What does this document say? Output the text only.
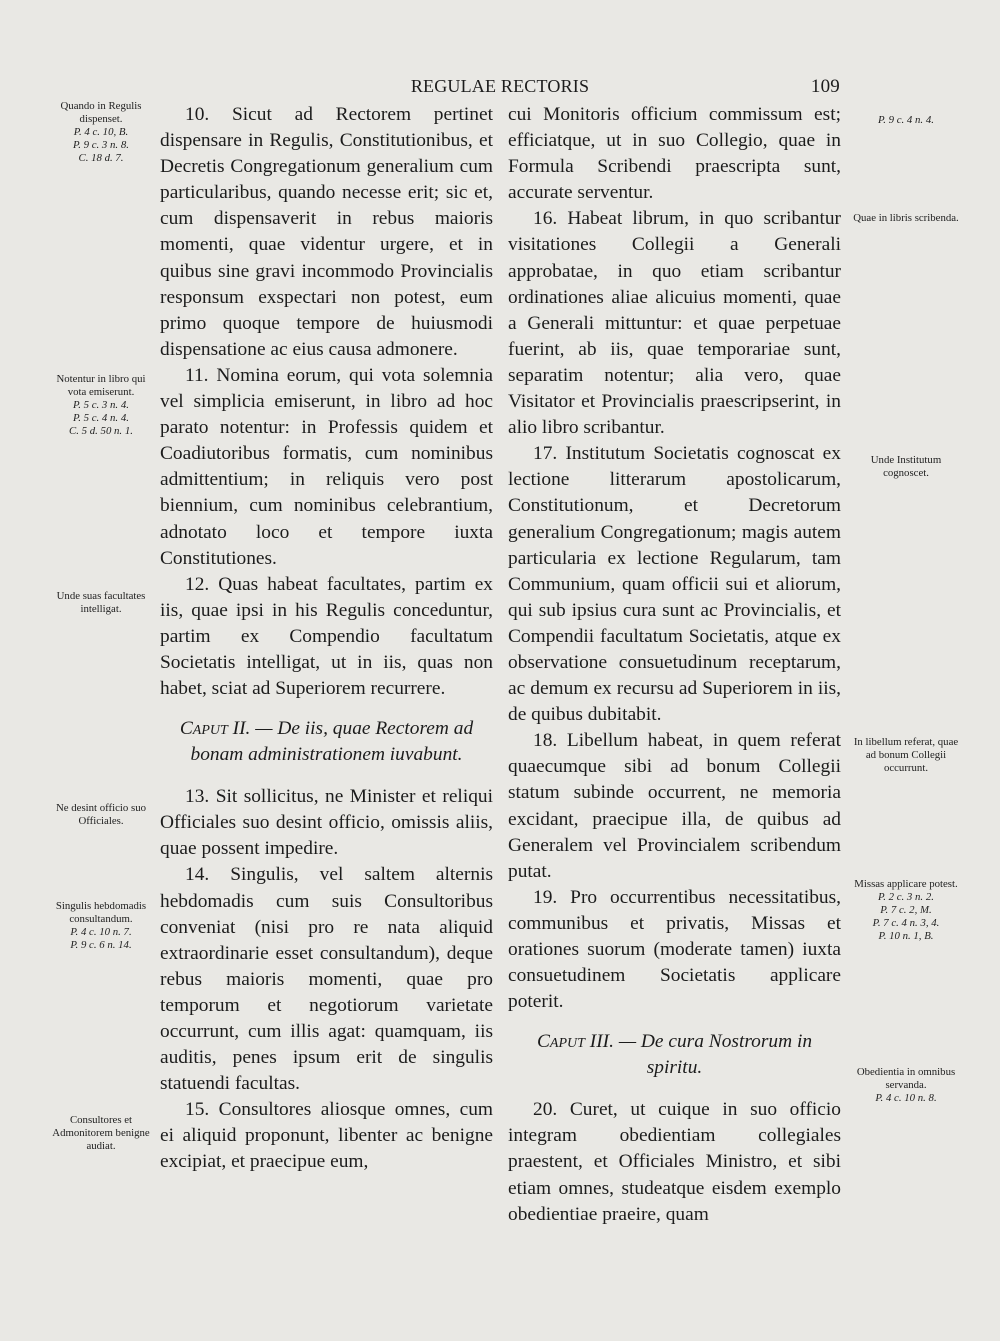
REGULAE RECTORIS	109

10. Sicut ad Rectorem pertinet dispensare in Regulis, Constitutionibus, et Decretis Congregationum generalium cum particularibus, quando necesse erit; sic et, cum dispensaverit in rebus maioris momenti, quae videntur urgere, et in quibus sine gravi incommodo Provincialis responsum exspectari non potest, eum primo quoque tempore de huiusmodi dispensatione ac eius causa admonere.

11. Nomina eorum, qui vota solemnia vel simplicia emiserunt, in libro ad hoc parato notentur: in Professis quidem et Coadiutoribus formatis, cum nominibus admittentium; in reliquis vero post biennium, cum nominibus celebrantium, adnotato loco et tempore iuxta Constitutiones.

12. Quas habeat facultates, partim ex iis, quae ipsi in his Regulis conceduntur, partim ex Compendio facultatum Societatis intelligat, ut in iis, quas non habet, sciat ad Superiorem recurrere.

Caput II. — De iis, quae Rectorem ad bonam administrationem iuvabunt.

13. Sit sollicitus, ne Minister et reliqui Officiales suo desint officio, omissis aliis, quae possent impedire.

14. Singulis, vel saltem alternis hebdomadis cum suis Consultoribus conveniat (nisi pro re nata aliquid extraordinarie esset consultandum), deque rebus maioris momenti, quae pro temporum et negotiorum varietate occurrunt, cum illis agat: quamquam, iis auditis, penes ipsum erit de singulis statuendi facultas.

15. Consultores aliosque omnes, cum ei aliquid proponunt, libenter ac benigne excipiat, et praecipue eum,

cui Monitoris officium commissum est; efficiatque, ut in suo Collegio, quae in Formula Scribendi praescripta sunt, accurate serventur.

16. Habeat librum, in quo scribantur visitationes Collegii a Generali approbatae, in quo etiam scribantur ordinationes aliae alicuius momenti, quae a Generali mittuntur: et quae perpetuae fuerint, ab iis, quae temporariae sunt, separatim notentur; alia vero, quae Visitator et Provincialis praescripserint, in alio libro scribantur.

17. Institutum Societatis cognoscat ex lectione litterarum apostolicarum, Constitutionum, et Decretorum generalium Congregationum; magis autem particularia ex lectione Regularum, tam Communium, quam officii sui et aliorum, qui sub ipsius cura sunt ac Provincialis, et Compendii facultatum Societatis, atque ex observatione consuetudinum receptarum, ac demum ex recursu ad Superiorem in iis, de quibus dubitabit.

18. Libellum habeat, in quem referat quaecumque sibi ad bonum Collegii statum subinde occurrent, ne memoria excidant, praecipue illa, de quibus ad Generalem vel Provincialem scribendum putat.

19. Pro occurrentibus necessitatibus, communibus et privatis, Missas et orationes suorum (moderate tamen) iuxta consuetudinem Societatis applicare poterit.

Caput III. — De cura Nostrorum in spiritu.

20. Curet, ut cuique in suo officio integram obedientiam collegiales praestent, et Officiales Ministro, et sibi etiam omnes, studeatque eisdem exemplo obedientiae praeire, quam

Quando in Regulis dispenset.
P. 4 c. 10, B.
P. 9 c. 3 n. 8.
C. 18 d. 7.
Notentur in libro qui vota emiserunt.
P. 5 c. 3 n. 4.
P. 5 c. 4 n. 4.
C. 5 d. 50 n. 1.
Unde suas facultates intelligat.
Ne desint officio suo Officiales.
Singulis hebdomadis consultandum.
P. 4 c. 10 n. 7.
P. 9 c. 6 n. 14.
Consultores et Admonitorem benigne audiat.
P. 9 c. 4 n. 4.
Quae in libris scribenda.
Unde Institutum cognoscet.
In libellum referat, quae ad bonum Collegii occurrunt.
Missas applicare potest.
P. 2 c. 3 n. 2.
P. 7 c. 2, M.
P. 7 c. 4 n. 3, 4.
P. 10 n. 1, B.
Obedientia in omnibus servanda.
P. 4 c. 10 n. 8.
